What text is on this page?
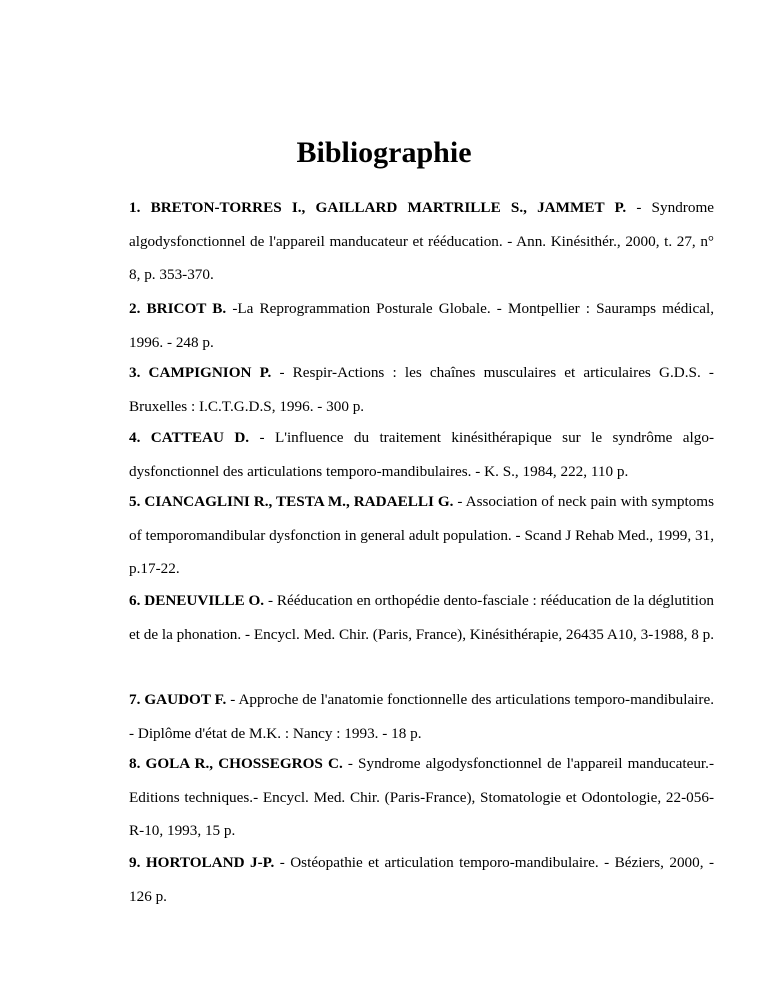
Bibliographie

1. BRETON-TORRES I., GAILLARD MARTRILLE S., JAMMET P. - Syndrome algodysfonctionnel de l'appareil manducateur et rééducation. - Ann. Kinésithér., 2000, t. 27, n° 8, p. 353-370.

2. BRICOT B. -La Reprogrammation Posturale Globale. - Montpellier : Sauramps médical, 1996. - 248 p.

3. CAMPIGNION P. - Respir-Actions : les chaînes musculaires et articulaires G.D.S. - Bruxelles : I.C.T.G.D.S, 1996. - 300 p.

4. CATTEAU D. - L'influence du traitement kinésithérapique sur le syndrôme algo-dysfonctionnel des articulations temporo-mandibulaires. - K. S., 1984, 222, 110 p.

5. CIANCAGLINI R., TESTA M., RADAELLI G. - Association of neck pain with symptoms of temporomandibular dysfonction in general adult population. - Scand J Rehab Med., 1999, 31, p.17-22.

6. DENEUVILLE O. - Rééducation en orthopédie dento-fasciale : rééducation de la déglutition et de la phonation. - Encycl. Med. Chir. (Paris, France), Kinésithérapie, 26435 A10, 3-1988, 8 p.

7. GAUDOT F. - Approche de l'anatomie fonctionnelle des articulations temporo-mandibulaire. - Diplôme d'état de M.K. : Nancy : 1993. - 18 p.

8. GOLA R., CHOSSEGROS C. - Syndrome algodysfonctionnel de l'appareil manducateur.- Editions techniques.- Encycl. Med. Chir. (Paris-France), Stomatologie et Odontologie, 22-056-R-10, 1993, 15 p.

9. HORTOLAND J-P. - Ostéopathie et articulation temporo-mandibulaire. - Béziers, 2000, - 126 p.
